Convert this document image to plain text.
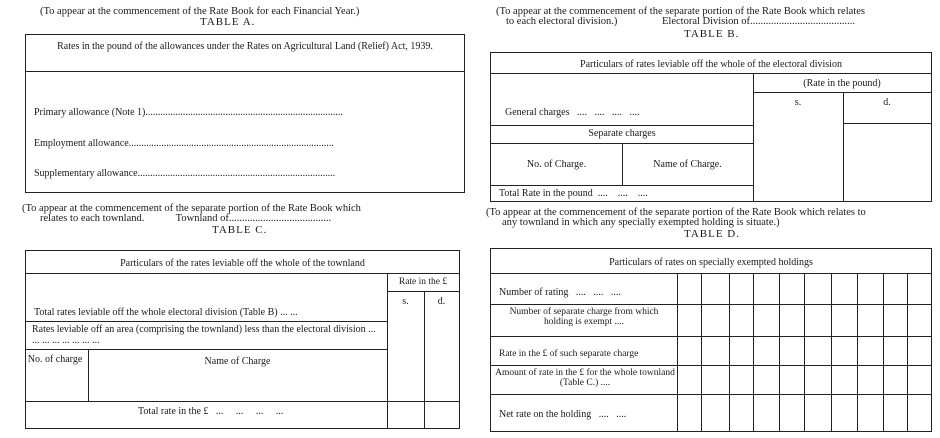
(To appear at the commencement of the Rate Book for each Financial Year.)
TABLE A.
Rates in the pound of the allowances under the Rates on Agricultural Land (Relief) Act, 1939.
Primary allowance (Note 1)...............................................................................
Employment allowance..................................................................................
Supplementary allowance...............................................................................
(To appear at the commencement of the separate portion of the Rate Book which relates
to each electoral division.)                 Electoral Division of........................................
TABLE B.
Particulars of rates leviable off the whole of the electoral division
(Rate in the pound)
s.	d.
General charges   ....   ....   ....   ....
Separate charges
No. of Charge.	Name of Charge.
Total Rate in the pound  ....    ....    ....
(To appear at the commencement of the separate portion of the Rate Book which
relates to each townland.            Townland of.......................................
TABLE C.
Particulars of the rates leviable off the whole of the townland
Rate in the £
s.	d.
Total rates leviable off the whole electoral division (Table B) ... ...
Rates leviable off an area (comprising the townland) less than the electoral division ... ... ... ... ... ... ... ...
No. of charge	Name of Charge
Total rate in the £   ...     ...     ...     ...
(To appear at the commencement of the separate portion of the Rate Book which relates to
any townland in which any specially exempted holding is situate.)
TABLE D.
Particulars of rates on specially exempted holdings
Number of rating   ....   ....   ....
Number of separate charge from which holding is exempt ....
Rate in the £ of such separate charge
Amount of rate in the £ for the whole townland (Table C.) ....
Net rate on the holding   ....   ....
